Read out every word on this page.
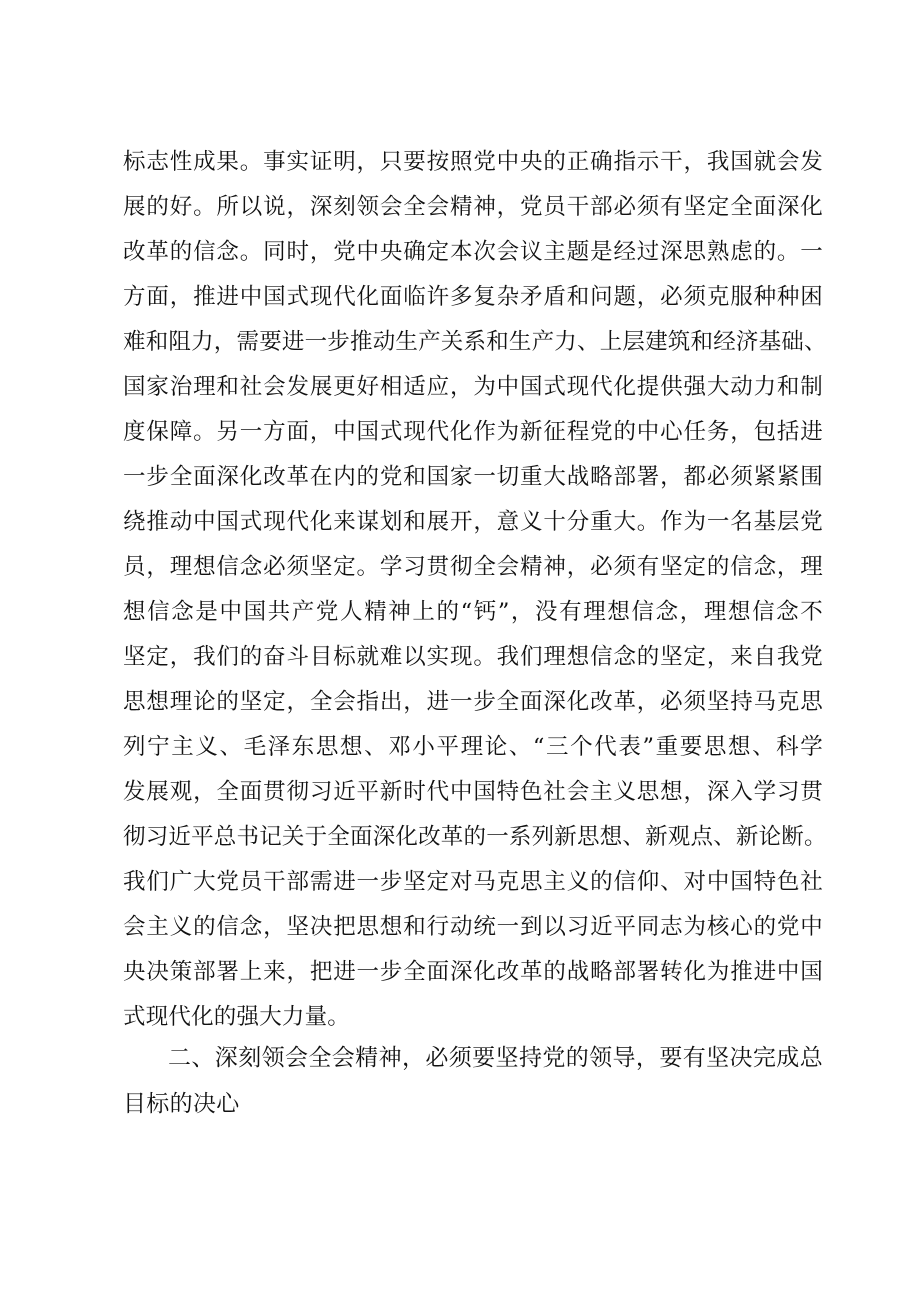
标志性成果。事实证明，只要按照党中央的正确指示干，我国就会发
展的好。所以说，深刻领会全会精神，党员干部必须有坚定全面深化
改革的信念。同时，党中央确定本次会议主题是经过深思熟虑的。一
方面，推进中国式现代化面临许多复杂矛盾和问题，必须克服种种困
难和阻力，需要进一步推动生产关系和生产力、上层建筑和经济基础、
国家治理和社会发展更好相适应，为中国式现代化提供强大动力和制
度保障。另一方面，中国式现代化作为新征程党的中心任务，包括进
一步全面深化改革在内的党和国家一切重大战略部署，都必须紧紧围
绕推动中国式现代化来谋划和展开，意义十分重大。作为一名基层党
员，理想信念必须坚定。学习贯彻全会精神，必须有坚定的信念，理
想信念是中国共产党人精神上的“钙”，没有理想信念，理想信念不
坚定，我们的奋斗目标就难以实现。我们理想信念的坚定，来自我党
思想理论的坚定，全会指出，进一步全面深化改革，必须坚持马克思
列宁主义、毛泽东思想、邓小平理论、“三个代表”重要思想、科学
发展观，全面贯彻习近平新时代中国特色社会主义思想，深入学习贯
彻习近平总书记关于全面深化改革的一系列新思想、新观点、新论断。
我们广大党员干部需进一步坚定对马克思主义的信仰、对中国特色社
会主义的信念，坚决把思想和行动统一到以习近平同志为核心的党中
央决策部署上来，把进一步全面深化改革的战略部署转化为推进中国
式现代化的强大力量。
二、深刻领会全会精神，必须要坚持党的领导，要有坚决完成总
目标的决心
